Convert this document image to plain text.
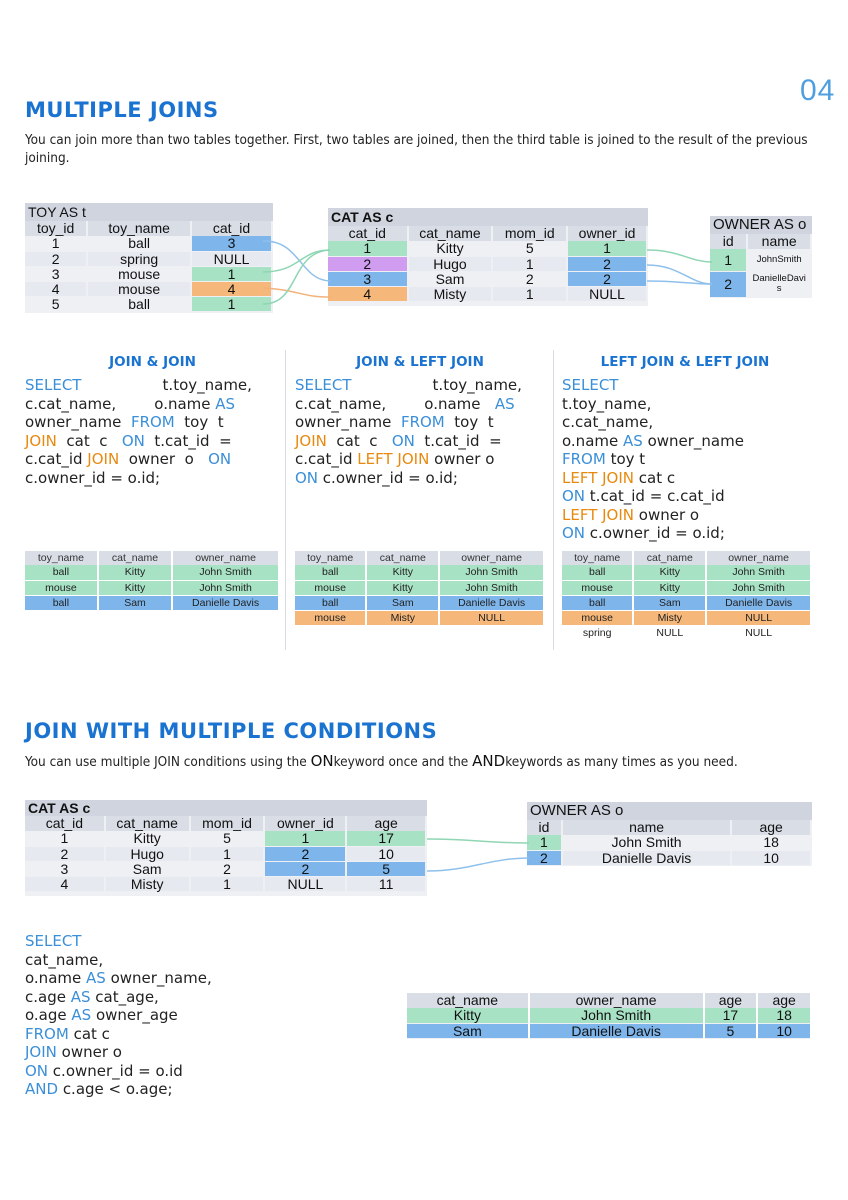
04
MULTIPLE JOINS
You can join more than two tables together. First, two tables are joined, then the third table is joined to the result of the previous joining.
TOY AS t
toy_id	toy_name	cat_id
1	ball	3
2	spring	NULL
3	mouse	1
4	mouse	4
5	ball	1
CAT AS c
cat_id	cat_name	mom_id	owner_id
1	Kitty	5	1
2	Hugo	1	2
3	Sam	2	2
4	Misty	1	NULL
OWNER AS o
id	name
1	JohnSmith
2	DanielleDavis
JOIN & JOIN
SELECT                 t.toy_name,
c.cat_name,        o.name AS
owner_name  FROM  toy  t
JOIN  cat  c   ON  t.cat_id  =
c.cat_id JOIN  owner  o   ON
c.owner_id = o.id;
toy_name	cat_name	owner_name
ball	Kitty	John Smith
mouse	Kitty	John Smith
ball	Sam	Danielle Davis
JOIN & LEFT JOIN
SELECT                 t.toy_name,
c.cat_name,        o.name   AS
owner_name  FROM  toy  t
JOIN  cat  c   ON  t.cat_id  =
c.cat_id LEFT JOIN owner o
ON c.owner_id = o.id;
toy_name	cat_name	owner_name
ball	Kitty	John Smith
mouse	Kitty	John Smith
ball	Sam	Danielle Davis
mouse	Misty	NULL
LEFT JOIN & LEFT JOIN
SELECT
t.toy_name,
c.cat_name,
o.name AS owner_name
FROM toy t
LEFT JOIN cat c
ON t.cat_id = c.cat_id
LEFT JOIN owner o
ON c.owner_id = o.id;
toy_name	cat_name	owner_name
ball	Kitty	John Smith
mouse	Kitty	John Smith
ball	Sam	Danielle Davis
mouse	Misty	NULL
spring	NULL	NULL
JOIN WITH MULTIPLE CONDITIONS
You can use multiple JOIN conditions using the ONkeyword once and the ANDkeywords as many times as you need.
CAT AS c
cat_id	cat_name	mom_id	owner_id	age
1	Kitty	5	1	17
2	Hugo	1	2	10
3	Sam	2	2	5
4	Misty	1	NULL	11
OWNER AS o
id	name	age
1	John Smith	18
2	Danielle Davis	10
SELECT
cat_name,
o.name AS owner_name,
c.age AS cat_age,
o.age AS owner_age
FROM cat c
JOIN owner o
ON c.owner_id = o.id
AND c.age < o.age;
cat_name	owner_name	age	age
Kitty	John Smith	17	18
Sam	Danielle Davis	5	10
